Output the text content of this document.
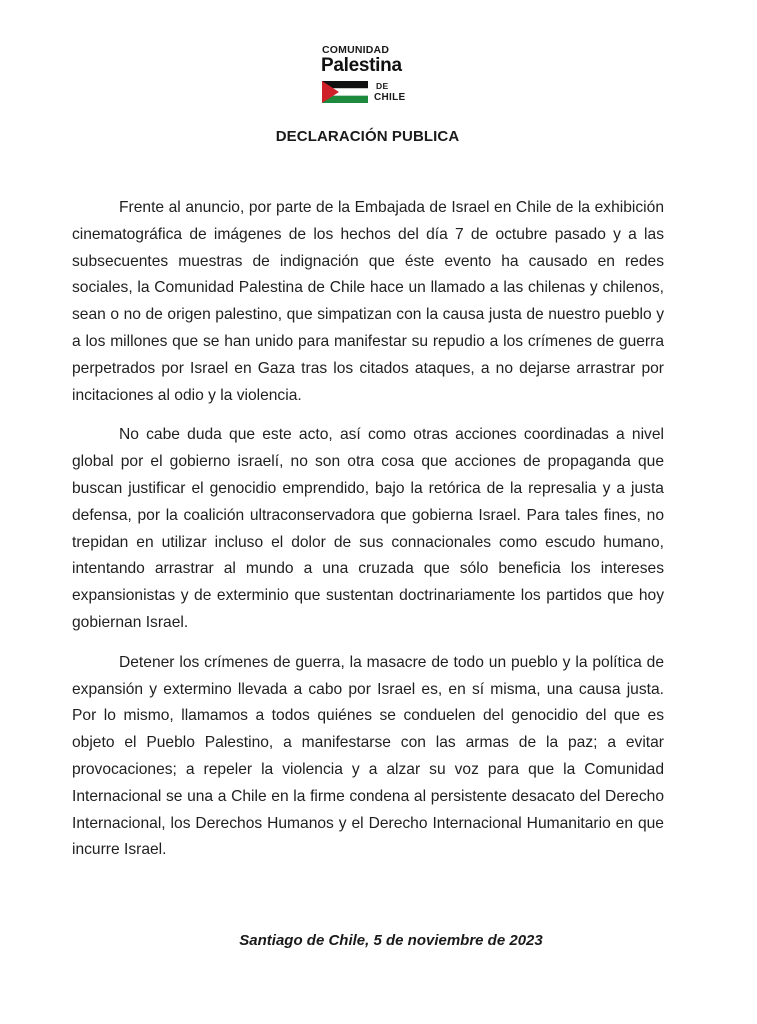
COMUNIDAD
Palestina
DE
CHILE
DECLARACIÓN PUBLICA

Frente al anuncio, por parte de la Embajada de Israel en Chile de la exhibición cinematográfica de imágenes de los hechos del día 7 de octubre pasado y a las subsecuentes muestras de indignación que éste evento ha causado en redes sociales, la Comunidad Palestina de Chile hace un llamado a las chilenas y chilenos, sean o no de origen palestino, que simpatizan con la causa justa de nuestro pueblo y a los millones que se han unido para manifestar su repudio a los crímenes de guerra perpetrados por Israel en Gaza tras los citados ataques, a no dejarse arrastrar por incitaciones al odio y la violencia.

No cabe duda que este acto, así como otras acciones coordinadas a nivel global por el gobierno israelí, no son otra cosa que acciones de propaganda que buscan justificar el genocidio emprendido, bajo la retórica de la represalia y a justa defensa, por la coalición ultraconservadora que gobierna Israel. Para tales fines, no trepidan en utilizar incluso el dolor de sus connacionales como escudo humano, intentando arrastrar al mundo a una cruzada que sólo beneficia los intereses expansionistas y de exterminio que sustentan doctrinariamente los partidos que hoy gobiernan Israel.

Detener los crímenes de guerra, la masacre de todo un pueblo y la política de expansión y extermino llevada a cabo por Israel es, en sí misma, una causa justa. Por lo mismo, llamamos a todos quiénes se conduelen del genocidio del que es objeto el Pueblo Palestino, a manifestarse con las armas de la paz; a evitar provocaciones; a repeler la violencia y a alzar su voz para que la Comunidad Internacional se una a Chile en la firme condena al persistente desacato del Derecho Internacional, los Derechos Humanos y el Derecho Internacional Humanitario en que incurre Israel.

Santiago de Chile, 5 de noviembre de 2023
